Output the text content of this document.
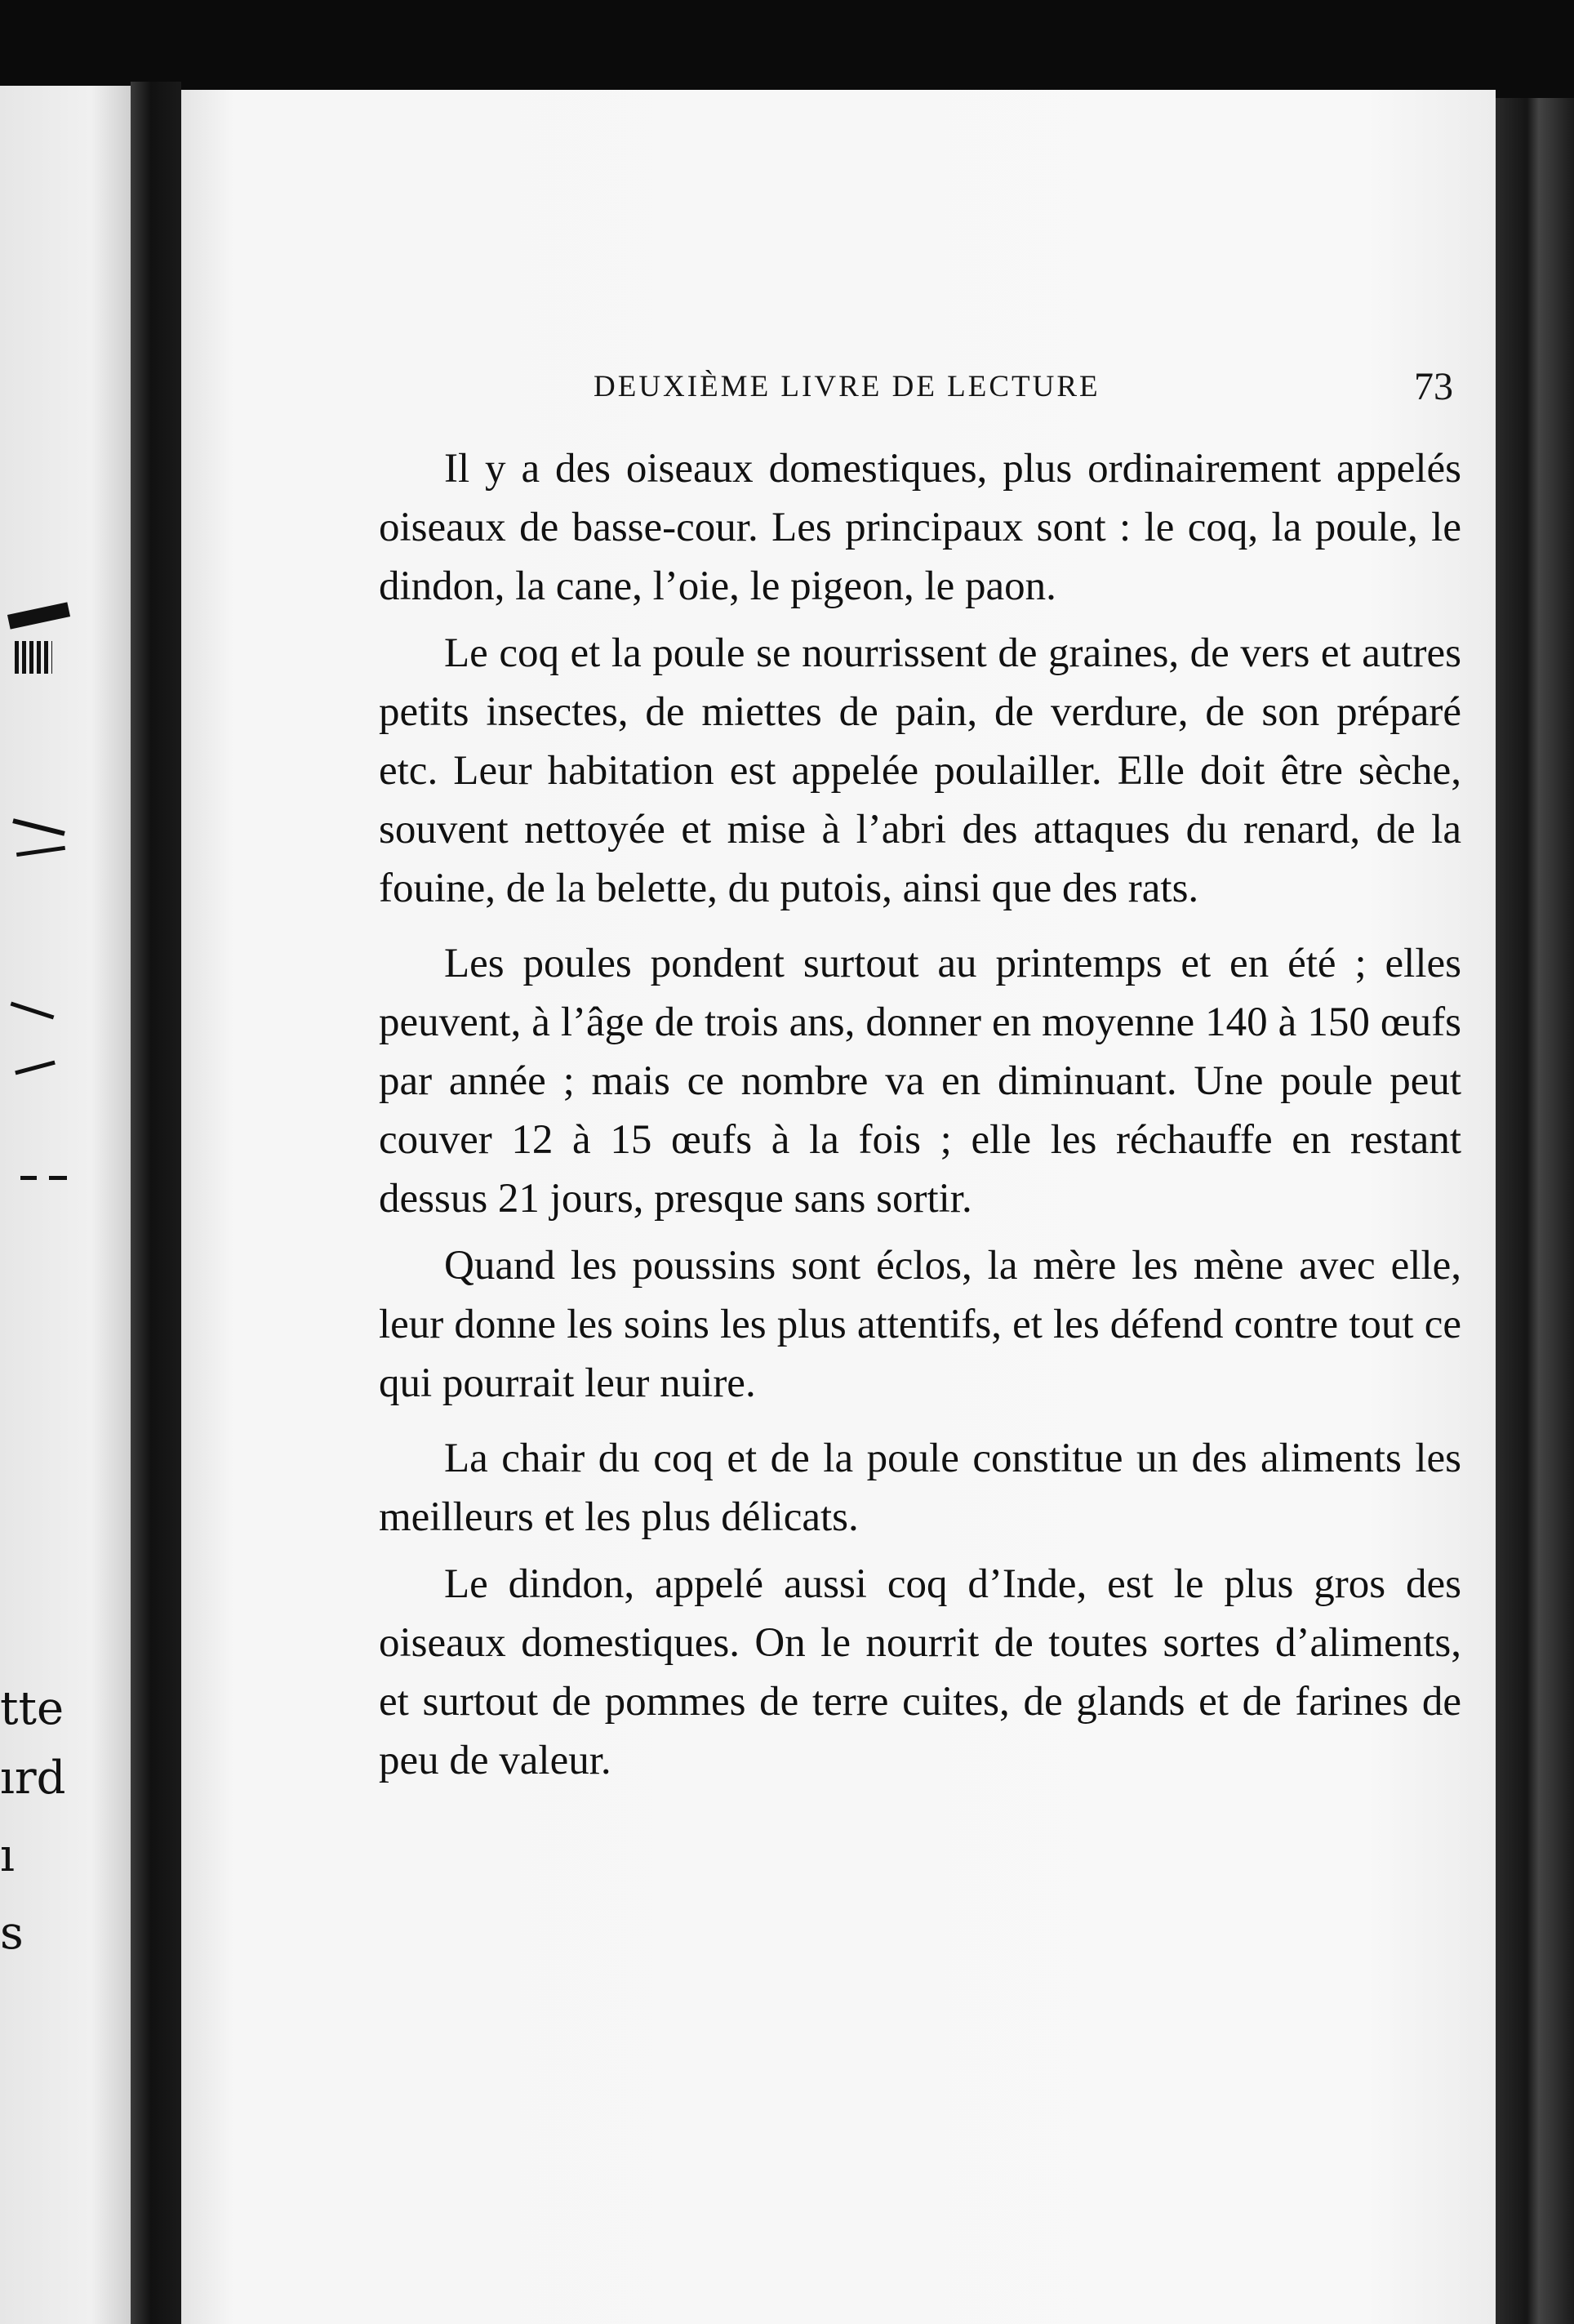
tte
ırd
ı
s
DEUXIÈME LIVRE DE LECTURE	73

Il y a des oiseaux domestiques, plus ordinairement appelés oiseaux de basse-cour. Les principaux sont : le coq, la poule, le dindon, la cane, l’oie, le pigeon, le paon.

Le coq et la poule se nourrissent de graines, de vers et autres petits insectes, de miettes de pain, de verdure, de son préparé etc. Leur habitation est appelée poulailler. Elle doit être sèche, souvent nettoyée et mise à l’abri des attaques du renard, de la fouine, de la belette, du putois, ainsi que des rats.

Les poules pondent surtout au printemps et en été ; elles peuvent, à l’âge de trois ans, donner en moyenne 140 à 150 œufs par année ; mais ce nombre va en diminuant. Une poule peut couver 12 à 15 œufs à la fois ; elle les réchauffe en restant dessus 21 jours, presque sans sortir.

Quand les poussins sont éclos, la mère les mène avec elle, leur donne les soins les plus attentifs, et les défend contre tout ce qui pourrait leur nuire.

La chair du coq et de la poule constitue un des aliments les meilleurs et les plus délicats.

Le dindon, appelé aussi coq d’Inde, est le plus gros des oiseaux domestiques. On le nourrit de toutes sortes d’aliments, et surtout de pommes de terre cuites, de glands et de farines de peu de valeur.
